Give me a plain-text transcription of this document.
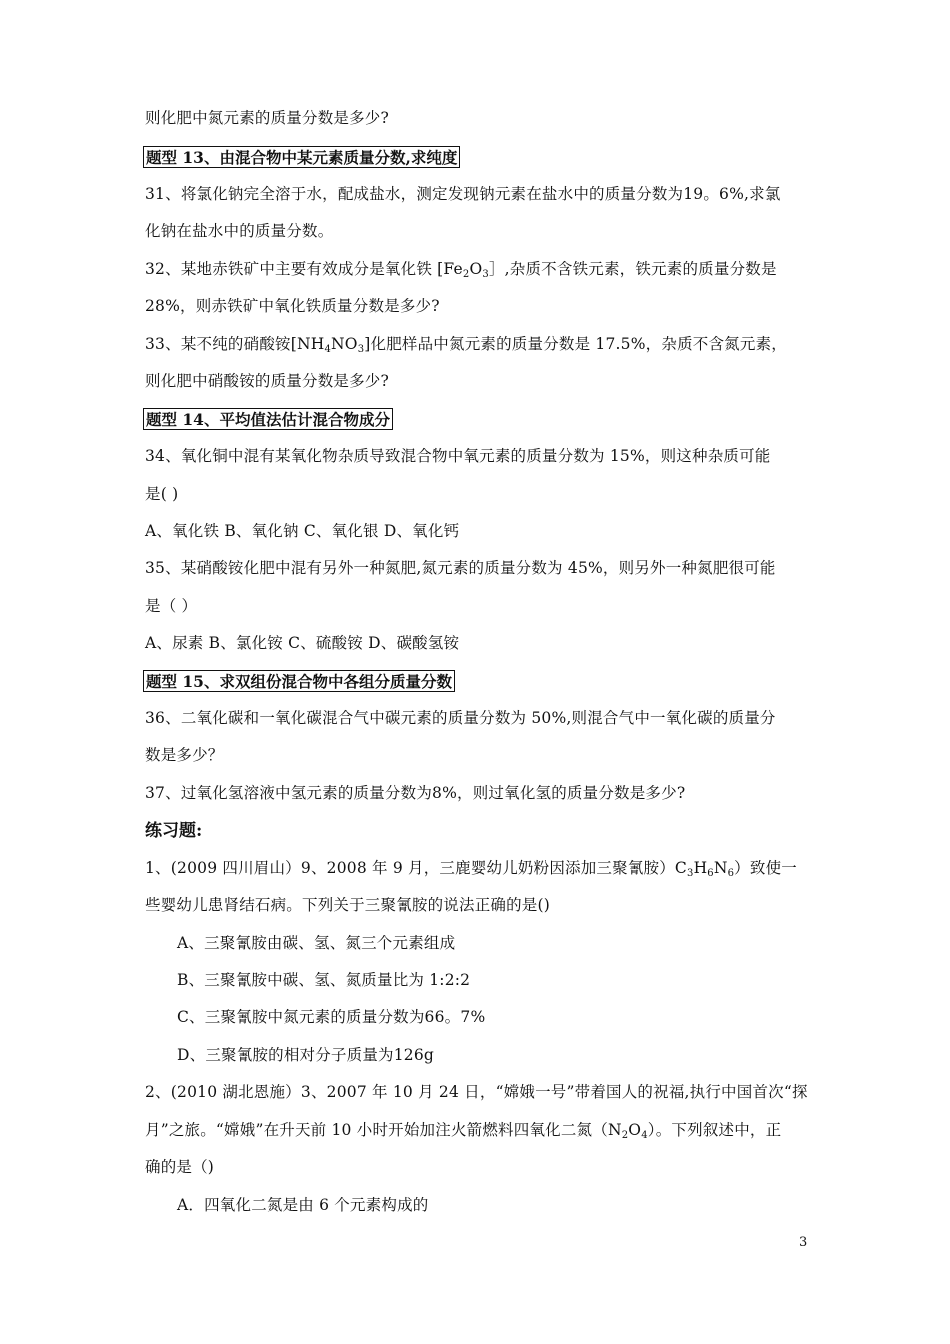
则化肥中氮元素的质量分数是多少?
题型 13、由混合物中某元素质量分数,求纯度
31、将氯化钠完全溶于水，配成盐水，测定发现钠元素在盐水中的质量分数为19。6%,求氯
化钠在盐水中的质量分数。
32、某地赤铁矿中主要有效成分是氧化铁 [$Fe_2O_3]$,杂质不含铁元素，铁元素的质量分数是
28%，则赤铁矿中氧化铁质量分数是多少?
33、某不纯的硝酸铵$[NH_4NO_3]$化肥样品中氮元素的质量分数是 17.5%，杂质不含氮元素，
则化肥中硝酸铵的质量分数是多少?
题型 14、平均值法估计混合物成分
34、氧化铜中混有某氧化物杂质导致混合物中氧元素的质量分数为 15%，则这种杂质可能
是( )
A、氧化铁 B、氧化钠 C、氧化银 D、氧化钙
35、某硝酸铵化肥中混有另外一种氮肥,氮元素的质量分数为 45%，则另外一种氮肥很可能
是（ ）
A、尿素 B、氯化铵 C、硫酸铵 D、碳酸氢铵
题型 15、求双组份混合物中各组分质量分数
36、二氧化碳和一氧化碳混合气中碳元素的质量分数为 50%,则混合气中一氧化碳的质量分
数是多少？
37、过氧化氢溶液中氢元素的质量分数为8%，则过氧化氢的质量分数是多少?
练习题:
1、(2009 四川眉山）9、2008 年 9 月，三鹿婴幼儿奶粉因添加三聚氰胺）$C_3H_6N_6$）致使一
些婴幼儿患肾结石病。下列关于三聚氰胺的说法正确的是()
A、三聚氰胺由碳、氢、氮三个元素组成
B、三聚氰胺中碳、氢、氮质量比为 1:2:2
C、三聚氰胺中氮元素的质量分数为66。7%
D、三聚氰胺的相对分子质量为126g
2、(2010 湖北恩施）3、2007 年 10 月 24 日，“嫦娥一号”带着国人的祝福,执行中国首次“探
月”之旅。“嫦娥”在升天前 10 小时开始加注火箭燃料四氧化二氮$(N_2O_4)$。下列叙述中，正
确的是（)
A．四氧化二氮是由 6 个元素构成的
3
